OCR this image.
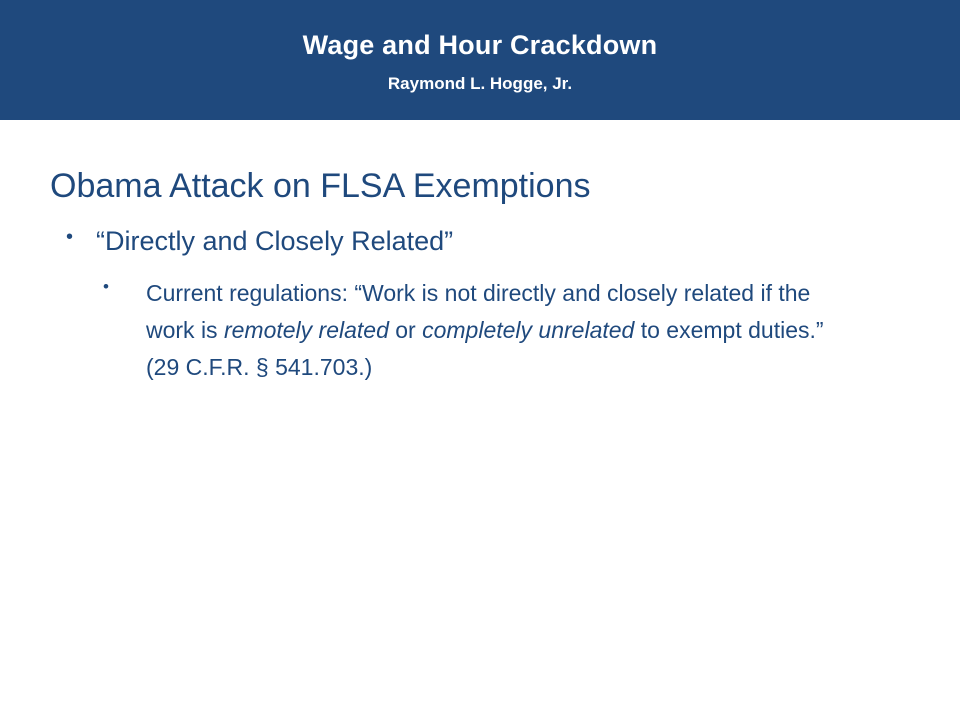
Wage and Hour Crackdown
Raymond L. Hogge, Jr.
Obama Attack on FLSA Exemptions
• “Directly and Closely Related”
• Current regulations: “Work is not directly and closely related if the work is remotely related or completely unrelated to exempt duties.” (29 C.F.R. § 541.703.)
